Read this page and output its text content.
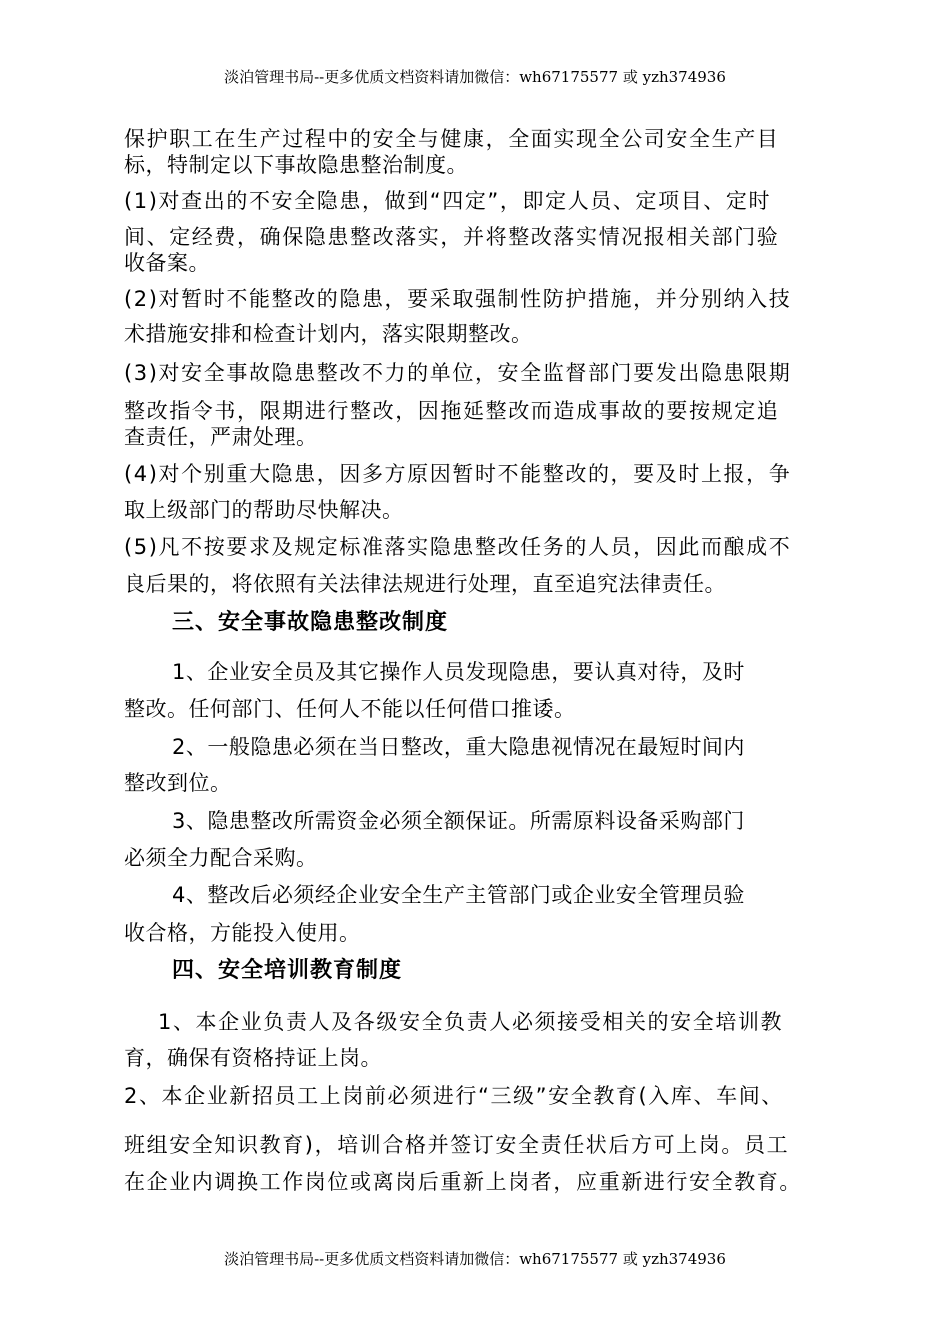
淡泊管理书局--更多优质文档资料请加微信：wh67175577 或 yzh374936
保护职工在生产过程中的安全与健康，全面实现全公司安全生产目
标，特制定以下事故隐患整治制度。
(1)对查出的不安全隐患，做到“四定”，即定人员、定项目、定时
间、定经费，确保隐患整改落实，并将整改落实情况报相关部门验
收备案。
(2)对暂时不能整改的隐患，要采取强制性防护措施，并分别纳入技
术措施安排和检查计划内，落实限期整改。
(3)对安全事故隐患整改不力的单位，安全监督部门要发出隐患限期
整改指令书，限期进行整改，因拖延整改而造成事故的要按规定追
查责任，严肃处理。
(4)对个别重大隐患，因多方原因暂时不能整改的，要及时上报，争
取上级部门的帮助尽快解决。
(5)凡不按要求及规定标准落实隐患整改任务的人员，因此而酿成不
良后果的，将依照有关法律法规进行处理，直至追究法律责任。
三、安全事故隐患整改制度
1、企业安全员及其它操作人员发现隐患，要认真对待，及时
整改。任何部门、任何人不能以任何借口推诿。
2、一般隐患必须在当日整改，重大隐患视情况在最短时间内
整改到位。
3、隐患整改所需资金必须全额保证。所需原料设备采购部门
必须全力配合采购。
4、整改后必须经企业安全生产主管部门或企业安全管理员验
收合格，方能投入使用。
四、安全培训教育制度
1、本企业负责人及各级安全负责人必须接受相关的安全培训教
育，确保有资格持证上岗。
2、本企业新招员工上岗前必须进行“三级”安全教育(入库、车间、
班组安全知识教育)，培训合格并签订安全责任状后方可上岗。员工
在企业内调换工作岗位或离岗后重新上岗者，应重新进行安全教育。
淡泊管理书局--更多优质文档资料请加微信：wh67175577 或 yzh374936
